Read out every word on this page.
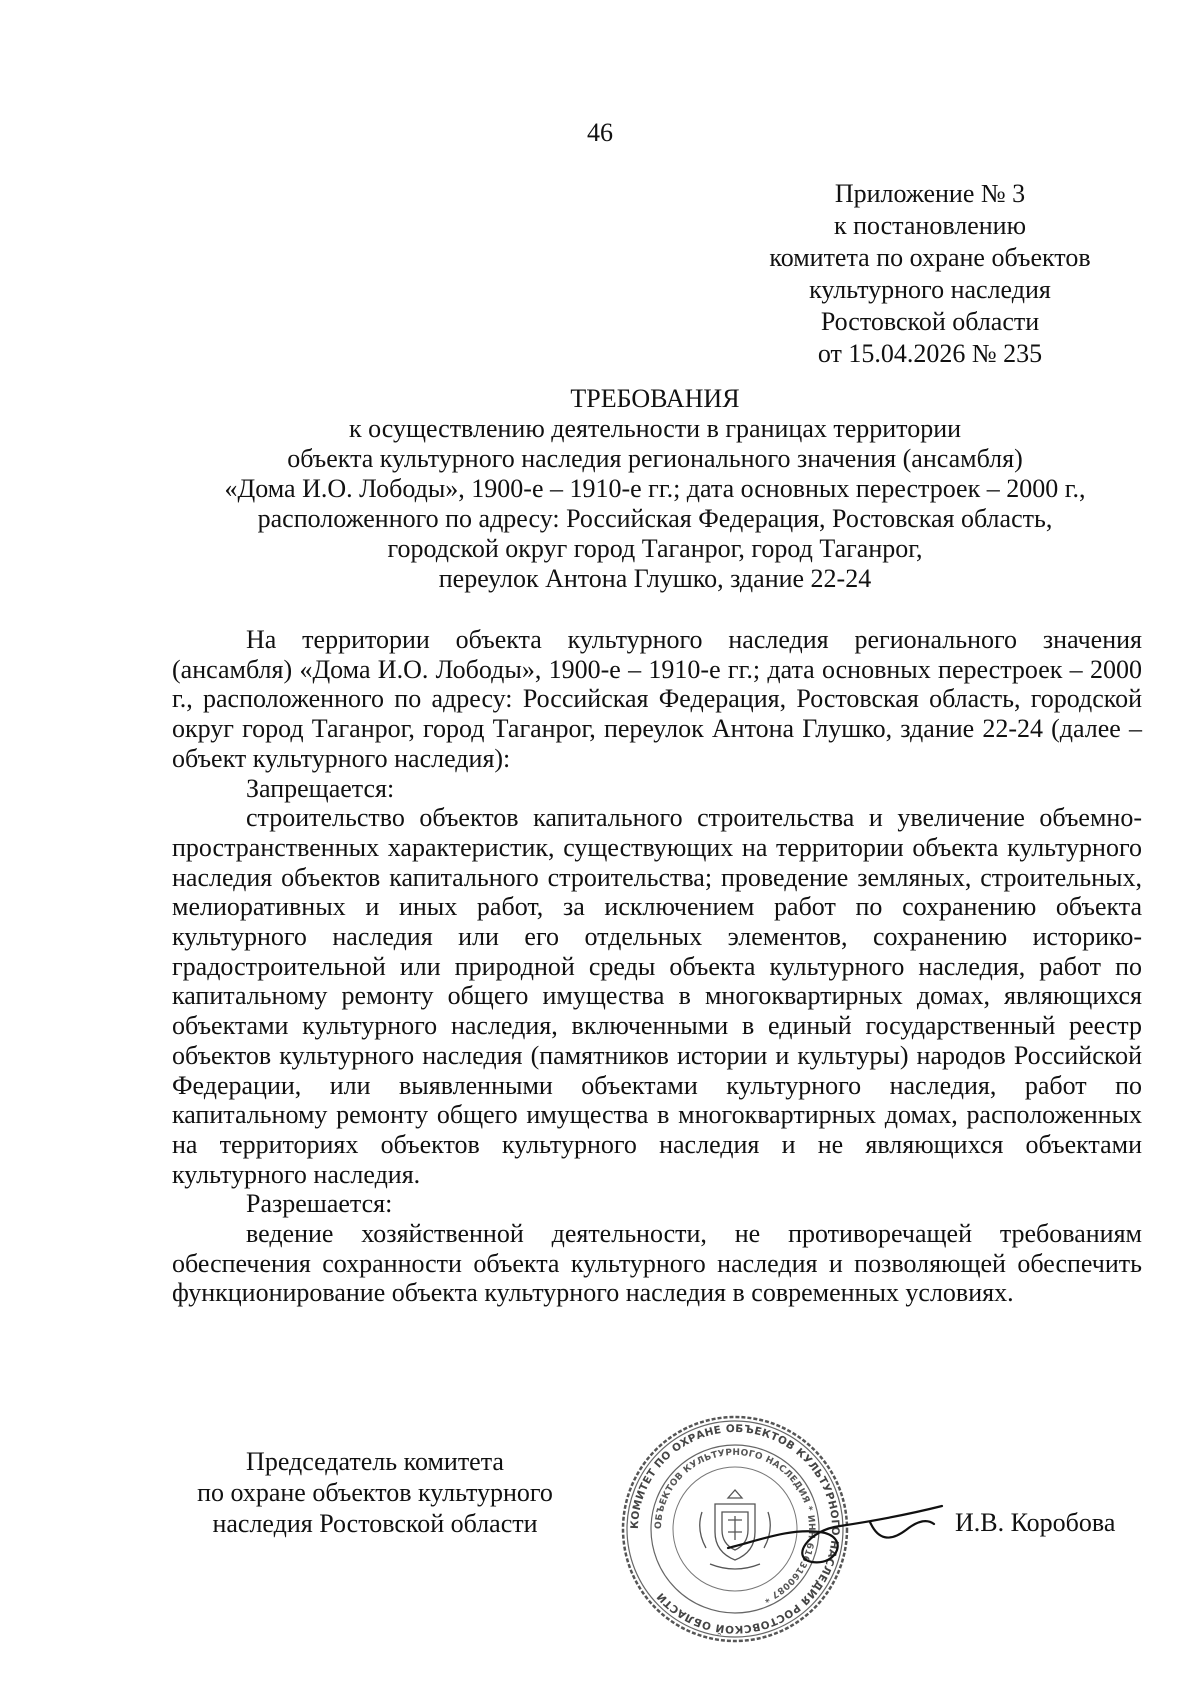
46
Приложение № 3
к постановлению
комитета по охране объектов
культурного наследия
Ростовской области
от 15.04.2026 № 235
ТРЕБОВАНИЯ
к осуществлению деятельности в границах территории
объекта культурного наследия регионального значения (ансамбля)
«Дома И.О. Лободы», 1900-е – 1910-е гг.; дата основных перестроек – 2000 г.,
расположенного по адресу: Российская Федерация, Ростовская область,
городской округ город Таганрог, город Таганрог,
переулок Антона Глушко, здание 22-24

На территории объекта культурного наследия регионального значения (ансамбля) «Дома И.О. Лободы», 1900-е – 1910-е гг.; дата основных перестроек – 2000 г., расположенного по адресу: Российская Федерация, Ростовская область, городской округ город Таганрог, город Таганрог, переулок Антона Глушко, здание 22-24 (далее – объект культурного наследия):

Запрещается:

строительство объектов капитального строительства и увеличение объемно-пространственных характеристик, существующих на территории объекта культурного наследия объектов капитального строительства; проведение земляных, строительных, мелиоративных и иных работ, за исключением работ по сохранению объекта культурного наследия или его отдельных элементов, сохранению историко-градостроительной или природной среды объекта культурного наследия, работ по капитальному ремонту общего имущества в многоквартирных домах, являющихся объектами культурного наследия, включенными в единый государственный реестр объектов культурного наследия (памятников истории и культуры) народов Российской Федерации, или выявленными объектами культурного наследия, работ по капитальному ремонту общего имущества в многоквартирных домах, расположенных на территориях объектов культурного наследия и не являющихся объектами культурного наследия.

Разрешается:

ведение хозяйственной деятельности, не противоречащей требованиям обеспечения сохранности объекта культурного наследия и позволяющей обеспечить функционирование объекта культурного наследия в современных условиях.

Председатель комитета
по охране объектов культурного
наследия Ростовской области	КОМИТЕТ ПО ОХРАНЕ ОБЪЕКТОВ КУЛЬТУРНОГО НАСЛЕДИЯ РОСТОВСКОЙ ОБЛАСТИ
ОБЪЕКТОВ КУЛЬТУРНОГО НАСЛЕДИЯ * ИНН 6163160087 *
И.В. Коробова
